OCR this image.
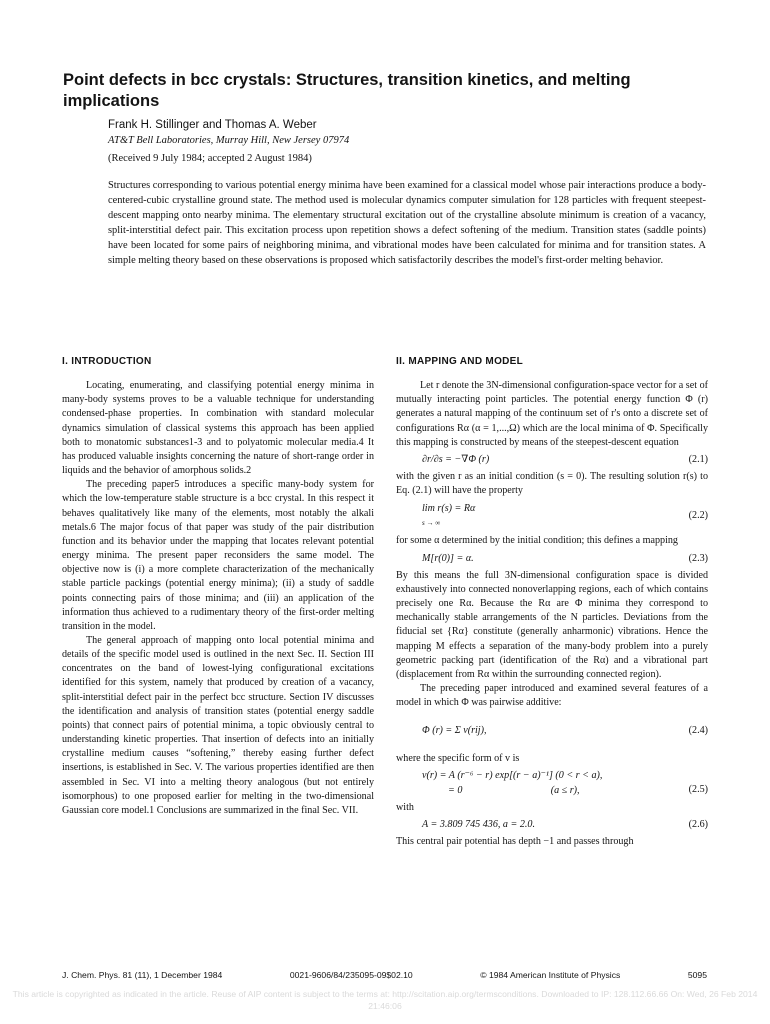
Point defects in bcc crystals: Structures, transition kinetics, and melting implications
Frank H. Stillinger and Thomas A. Weber
AT&T Bell Laboratories, Murray Hill, New Jersey 07974
(Received 9 July 1984; accepted 2 August 1984)

Structures corresponding to various potential energy minima have been examined for a classical model whose pair interactions produce a body-centered-cubic crystalline ground state. The method used is molecular dynamics computer simulation for 128 particles with frequent steepest-descent mapping onto nearby minima. The elementary structural excitation out of the crystalline absolute minimum is creation of a vacancy, split-interstitial defect pair. This excitation process upon repetition shows a defect softening of the medium. Transition states (saddle points) have been located for some pairs of neighboring minima, and vibrational modes have been calculated for minima and for transition states. A simple melting theory based on these observations is proposed which satisfactorily describes the model's first-order melting behavior.

I. INTRODUCTION

Locating, enumerating, and classifying potential energy minima in many-body systems proves to be a valuable technique for understanding condensed-phase properties. In combination with standard molecular dynamics simulation of classical systems this approach has been applied both to monatomic substances1-3 and to polyatomic molecular media.4 It has produced valuable insights concerning the nature of short-range order in liquids and the behavior of amorphous solids.2

The preceding paper5 introduces a specific many-body system for which the low-temperature stable structure is a bcc crystal. In this respect it behaves qualitatively like many of the elements, most notably the alkali metals.6 The major focus of that paper was study of the pair distribution function and its behavior under the mapping that locates relevant potential energy minima. The present paper reconsiders the same model. The objective now is (i) a more complete characterization of the mechanically stable particle packings (potential energy minima); (ii) a study of saddle points connecting pairs of those minima; and (iii) an application of the information thus achieved to a rudimentary theory of the first-order melting transition in the model.

The general approach of mapping onto local potential minima and details of the specific model used is outlined in the next Sec. II. Section III concentrates on the band of lowest-lying configurational excitations identified for this system, namely that produced by creation of a vacancy, split-interstitial defect pair in the perfect bcc structure. Section IV discusses the identification and analysis of transition states (potential energy saddle points) that connect pairs of potential minima, a topic obviously central to understanding kinetic properties. That insertion of defects into an initially crystalline medium causes “softening,” thereby easing further defect insertions, is established in Sec. V. The various properties identified are then assembled in Sec. VI into a melting theory analogous (but not entirely isomorphous) to one proposed earlier for melting in the two-dimensional Gaussian core model.1 Conclusions are summarized in the final Sec. VII.

II. MAPPING AND MODEL

Let r denote the 3N-dimensional configuration-space vector for a set of mutually interacting point particles. The potential energy function Φ (r) generates a natural mapping of the continuum set of r's onto a discrete set of configurations Rα (α = 1,...,Ω) which are the local minima of Φ. Specifically this mapping is constructed by means of the steepest-descent equation

∂r/∂s = −∇Φ (r)	(2.1)

with the given r as an initial condition (s = 0). The resulting solution r(s) to Eq. (2.1) will have the property

lim r(s) = Rα
s → ∞
(2.2)

for some α determined by the initial condition; this defines a mapping

M[r(0)] = α.	(2.3)

By this means the full 3N-dimensional configuration space is divided exhaustively into connected nonoverlapping regions, each of which contains precisely one Rα. Because the Rα are Φ minima they correspond to mechanically stable arrangements of the N particles. Deviations from the fiducial set {Rα} constitute (generally anharmonic) vibrations. Hence the mapping M effects a separation of the many-body problem into a purely geometric packing part (identification of the Rα) and a vibrational part (displacement from Rα within the surrounding connected region).

The preceding paper introduced and examined several features of a model in which Φ was pairwise additive:

Φ (r) = Σ v(rij),	(2.4)

where the specific form of v is

v(r) = A (r⁻⁶ − r) exp[(r − a)⁻¹] (0 < r < a),
= 0                                   (a ≤ r),	(2.5)

with

A = 3.809 745 436, a = 2.0.	(2.6)

This central pair potential has depth −1 and passes through

J. Chem. Phys. 81 (11), 1 December 1984	0021-9606/84/235095-09$02.10	© 1984 American Institute of Physics	5095
This article is copyrighted as indicated in the article. Reuse of AIP content is subject to the terms at: http://scitation.aip.org/termsconditions. Downloaded to IP: 128.112.66.66 On: Wed, 26 Feb 2014 21:46:06
